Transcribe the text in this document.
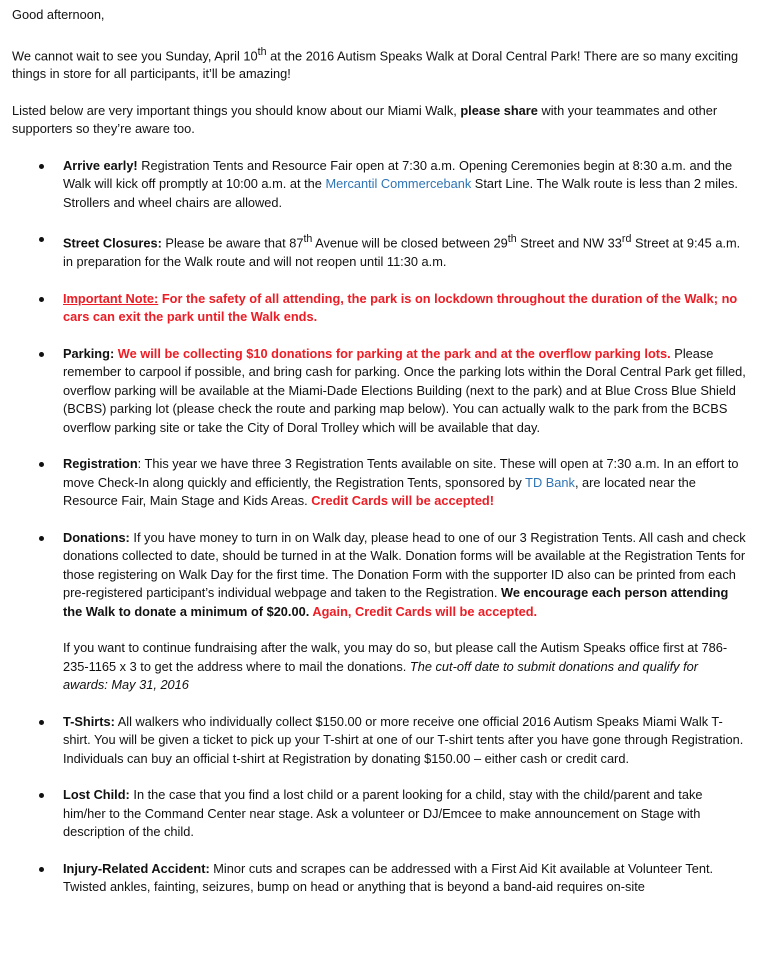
Good afternoon,

We cannot wait to see you Sunday, April 10th at the 2016 Autism Speaks Walk at Doral Central Park! There are so many exciting things in store for all participants, it’ll be amazing!

Listed below are very important things you should know about our Miami Walk, please share with your teammates and other supporters so they’re aware too.

Arrive early! Registration Tents and Resource Fair open at 7:30 a.m. Opening Ceremonies begin at 8:30 a.m. and the Walk will kick off promptly at 10:00 a.m. at the Mercantil Commercebank Start Line. The Walk route is less than 2 miles. Strollers and wheel chairs are allowed.
Street Closures: Please be aware that 87th Avenue will be closed between 29th Street and NW 33rd Street at 9:45 a.m. in preparation for the Walk route and will not reopen until 11:30 a.m.
Important Note: For the safety of all attending, the park is on lockdown throughout the duration of the Walk; no cars can exit the park until the Walk ends.
Parking: We will be collecting $10 donations for parking at the park and at the overflow parking lots. Please remember to carpool if possible, and bring cash for parking. Once the parking lots within the Doral Central Park get filled, overflow parking will be available at the Miami-Dade Elections Building (next to the park) and at Blue Cross Blue Shield (BCBS) parking lot (please check the route and parking map below). You can actually walk to the park from the BCBS overflow parking site or take the City of Doral Trolley which will be available that day.
Registration: This year we have three 3 Registration Tents available on site. These will open at 7:30 a.m. In an effort to move Check-In along quickly and efficiently, the Registration Tents, sponsored by TD Bank, are located near the Resource Fair, Main Stage and Kids Areas. Credit Cards will be accepted!
Donations: If you have money to turn in on Walk day, please head to one of our 3 Registration Tents. All cash and check donations collected to date, should be turned in at the Walk. Donation forms will be available at the Registration Tents for those registering on Walk Day for the first time. The Donation Form with the supporter ID also can be printed from each pre-registered participant’s individual webpage and taken to the Registration. We encourage each person attending the Walk to donate a minimum of $20.00. Again, Credit Cards will be accepted.

If you want to continue fundraising after the walk, you may do so, but please call the Autism Speaks office first at 786- 235-1165 x 3 to get the address where to mail the donations. The cut-off date to submit donations and qualify for awards: May 31, 2016

T-Shirts: All walkers who individually collect $150.00 or more receive one official 2016 Autism Speaks Miami Walk T-shirt. You will be given a ticket to pick up your T-shirt at one of our T-shirt tents after you have gone through Registration. Individuals can buy an official t-shirt at Registration by donating $150.00 – either cash or credit card.
Lost Child: In the case that you find a lost child or a parent looking for a child, stay with the child/parent and take him/her to the Command Center near stage. Ask a volunteer or DJ/Emcee to make announcement on Stage with description of the child.
Injury-Related Accident: Minor cuts and scrapes can be addressed with a First Aid Kit available at Volunteer Tent. Twisted ankles, fainting, seizures, bump on head or anything that is beyond a band-aid requires on-site
